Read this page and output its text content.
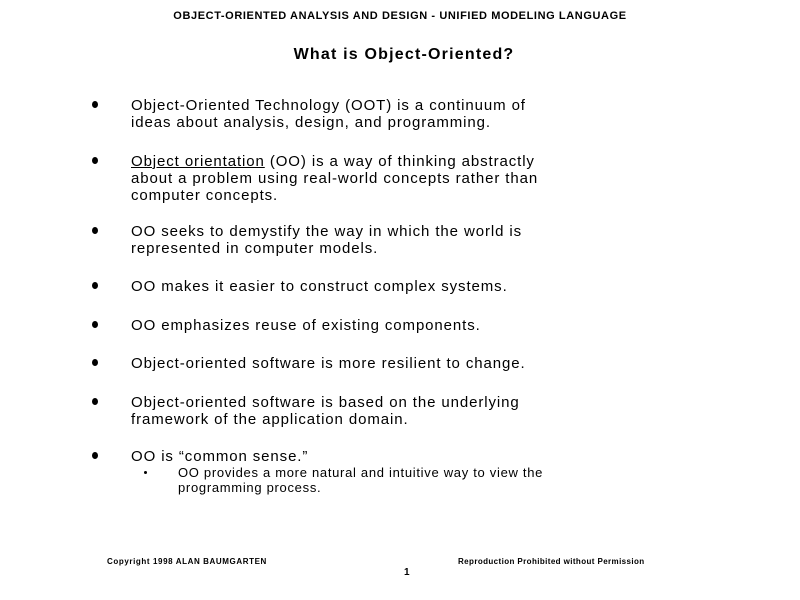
OBJECT-ORIENTED ANALYSIS AND DESIGN - UNIFIED MODELING LANGUAGE
What is Object-Oriented?
Object-Oriented Technology (OOT) is a continuum of
ideas about analysis, design, and programming.
Object orientation (OO) is a way of thinking abstractly
about a problem using real-world concepts rather than
computer concepts.
OO seeks to demystify the way in which the world is
represented in computer models.
OO makes it easier to construct complex systems.
OO emphasizes reuse of existing components.
Object-oriented software is more resilient to change.
Object-oriented software is based on the underlying
framework of the application domain.
OO is “common sense.”
OO provides a more natural and intuitive way to view the
programming process.
Copyright 1998 ALAN BAUMGARTEN	Reproduction Prohibited without Permission
1
